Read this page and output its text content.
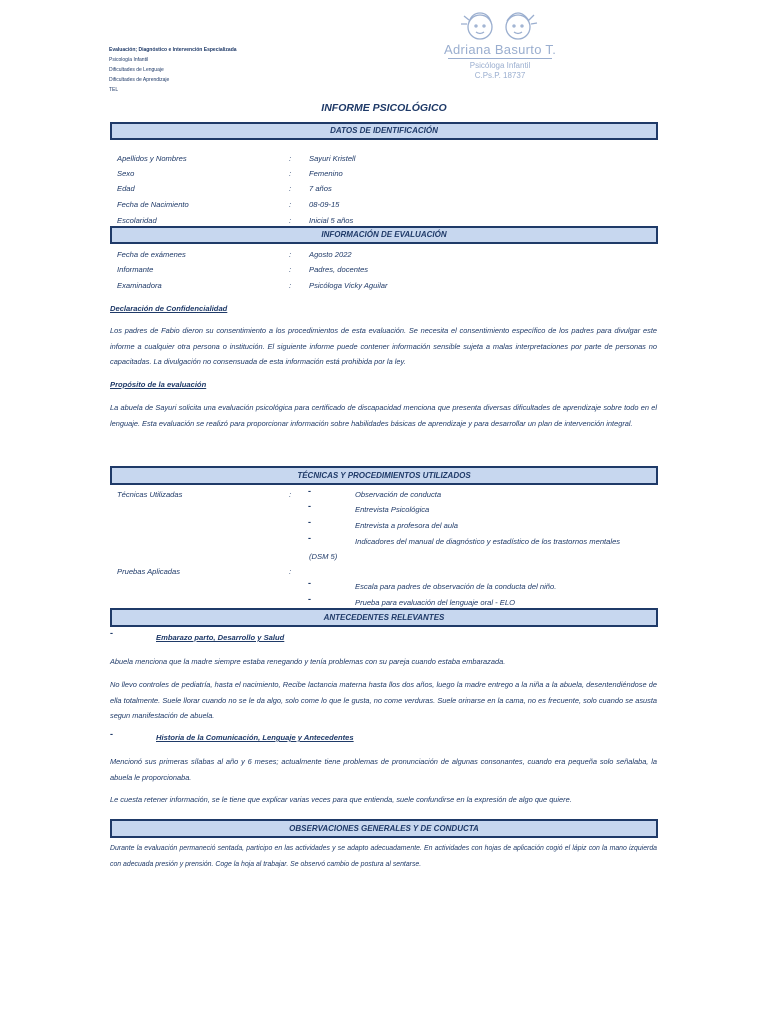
Evaluación; Diagnóstico e Intervención Especializada
Psicología Infantil
Dificultades de Lenguaje
Dificultades de Aprendizaje
TEL
Adriana Basurto T.
Psicóloga Infantil
C.Ps.P. 18737
INFORME PSICOLÓGICO
DATOS DE IDENTIFICACIÓN
Apellidos y Nombres	: Sayuri Kristell
Sexo	: Femenino
Edad	: 7 años
Fecha de Nacimiento	: 08-09-15
Escolaridad	: Inicial 5 años
INFORMACIÓN DE EVALUACIÓN
Fecha de exámenes	: Agosto 2022
Informante	: Padres, docentes
Examinadora	: Psicóloga Vicky Aguilar
Declaración de Confidencialidad
Los padres de Fabio dieron su consentimiento a los procedimientos de esta evaluación. Se necesita el consentimiento específico de los padres para divulgar este informe a cualquier otra persona o institución. El siguiente informe puede contener información sensible sujeta a malas interpretaciones por parte de personas no capacitadas. La divulgación no consensuada de esta información está prohibida por la ley.
Propósito de la evaluación
La abuela de Sayuri solicita una evaluación psicológica para certificado de discapacidad menciona que presenta diversas dificultades de aprendizaje sobre todo en el lenguaje. Esta evaluación se realizó para proporcionar información sobre habilidades básicas de aprendizaje y para desarrollar un plan de intervención integral.
TÉCNICAS Y PROCEDIMIENTOS UTILIZADOS
Técnicas Utilizadas	: -	Observación de conducta
-	Entrevista Psicológica
-	Entrevista a profesora del aula
-	Indicadores del manual de diagnóstico y estadístico de los trastornos mentales
(DSM 5)
Pruebas Aplicadas	:
-	Escala para padres de observación de la conducta del niño.
-	Prueba para evaluación del lenguaje oral - ELO
ANTECEDENTES RELEVANTES
-	Embarazo parto, Desarrollo y Salud
Abuela menciona que la madre siempre estaba renegando y tenía problemas con su pareja cuando estaba embarazada.
No llevo controles de pediatría, hasta el nacimiento, Recibe lactancia materna hasta llos dos años, luego la madre entrego a la niña a la abuela, desentendiéndose de ella totalmente. Suele llorar cuando no se le da algo, solo come lo que le gusta, no come verduras. Suele orinarse en la cama, no es frecuente, solo cuando se asusta segun manifestación de abuela.
-	Historia de la Comunicación, Lenguaje y Antecedentes
Mencionó sus primeras sílabas al año y 6 meses; actualmente tiene problemas de pronunciación de algunas consonantes, cuando era pequeña solo señalaba, la abuela le proporcionaba.
Le cuesta retener información, se le tiene que explicar varias veces para que entienda, suele confundirse en la expresión de algo que quiere.
OBSERVACIONES GENERALES Y DE CONDUCTA
Durante la evaluación permaneció sentada, participo en las actividades y se adapto adecuadamente. En actividades con hojas de aplicación cogió el lápiz con la mano izquierda con adecuada presión y prensión. Coge la hoja al trabajar. Se observó cambio de postura al sentarse.
